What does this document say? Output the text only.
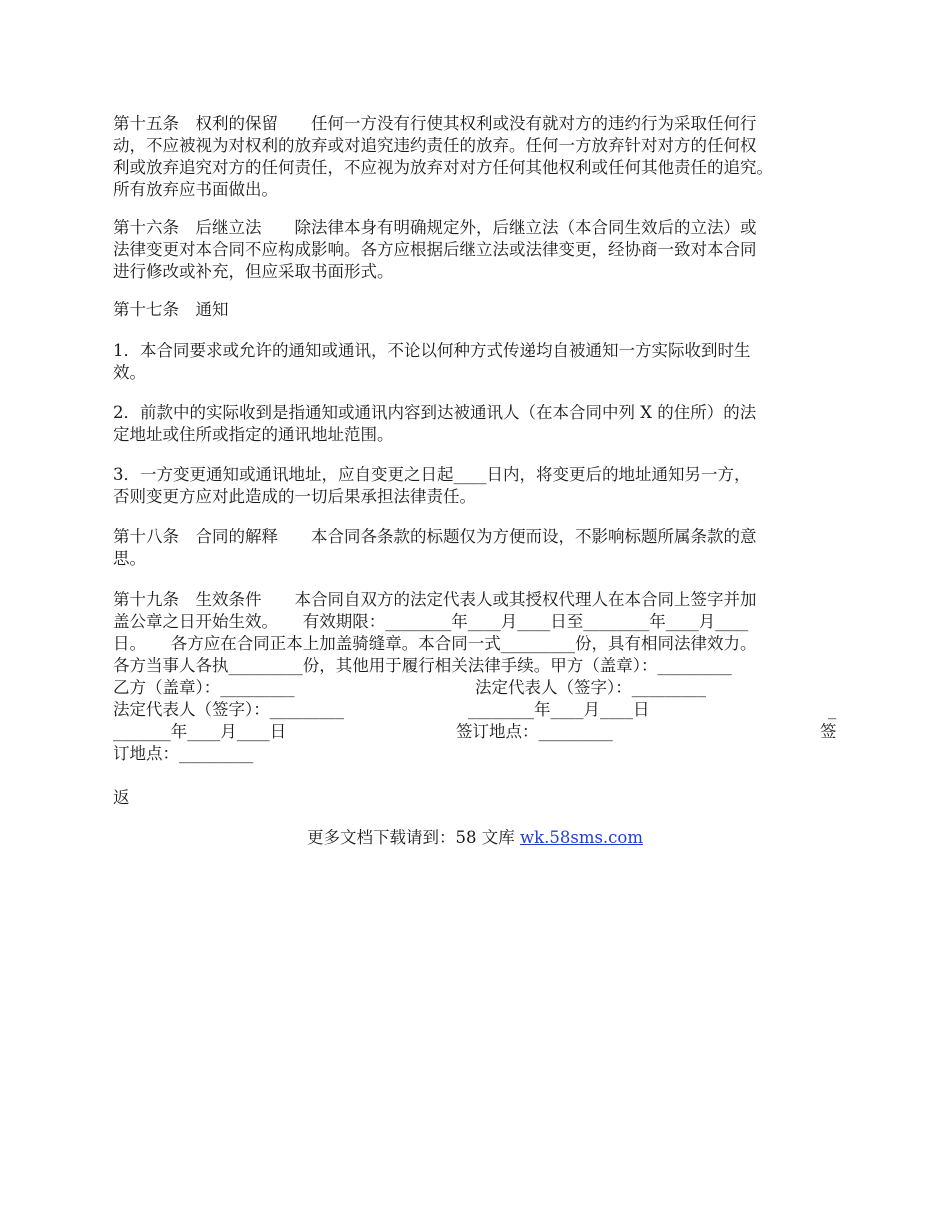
第十五条　权利的保留　　任何一方没有行使其权利或没有就对方的违约行为采取任何行
动，不应被视为对权利的放弃或对追究违约责任的放弃。任何一方放弃针对对方的任何权
利或放弃追究对方的任何责任，不应视为放弃对对方任何其他权利或任何其他责任的追究。
所有放弃应书面做出。
第十六条　后继立法　　除法律本身有明确规定外，后继立法（本合同生效后的立法）或
法律变更对本合同不应构成影响。各方应根据后继立法或法律变更，经协商一致对本合同
进行修改或补充，但应采取书面形式。
第十七条　通知
1．本合同要求或允许的通知或通讯，不论以何种方式传递均自被通知一方实际收到时生
效。
2．前款中的实际收到是指通知或通讯内容到达被通讯人（在本合同中列 X 的住所）的法
定地址或住所或指定的通讯地址范围。
3．一方变更通知或通讯地址，应自变更之日起____日内，将变更后的地址通知另一方，
否则变更方应对此造成的一切后果承担法律责任。
第十八条　合同的解释　　本合同各条款的标题仅为方便而设，不影响标题所属条款的意
思。
第十九条　生效条件　　本合同自双方的法定代表人或其授权代理人在本合同上签字并加
盖公章之日开始生效。　　有效期限：________年____月____日至________年____月____
日。　　各方应在合同正本上加盖骑缝章。本合同一式_________份，具有相同法律效力。
各方当事人各执_________份，其他用于履行相关法律手续。甲方（盖章）：_________
乙方（盖章）：_________	法定代表人（签字）：_________
法定代表人（签字）：_________	________年____月____日	_
_______年____月____日	签订地点：_________	签
订地点：_________
返
更多文档下载请到：58 文库 wk.58sms.com
